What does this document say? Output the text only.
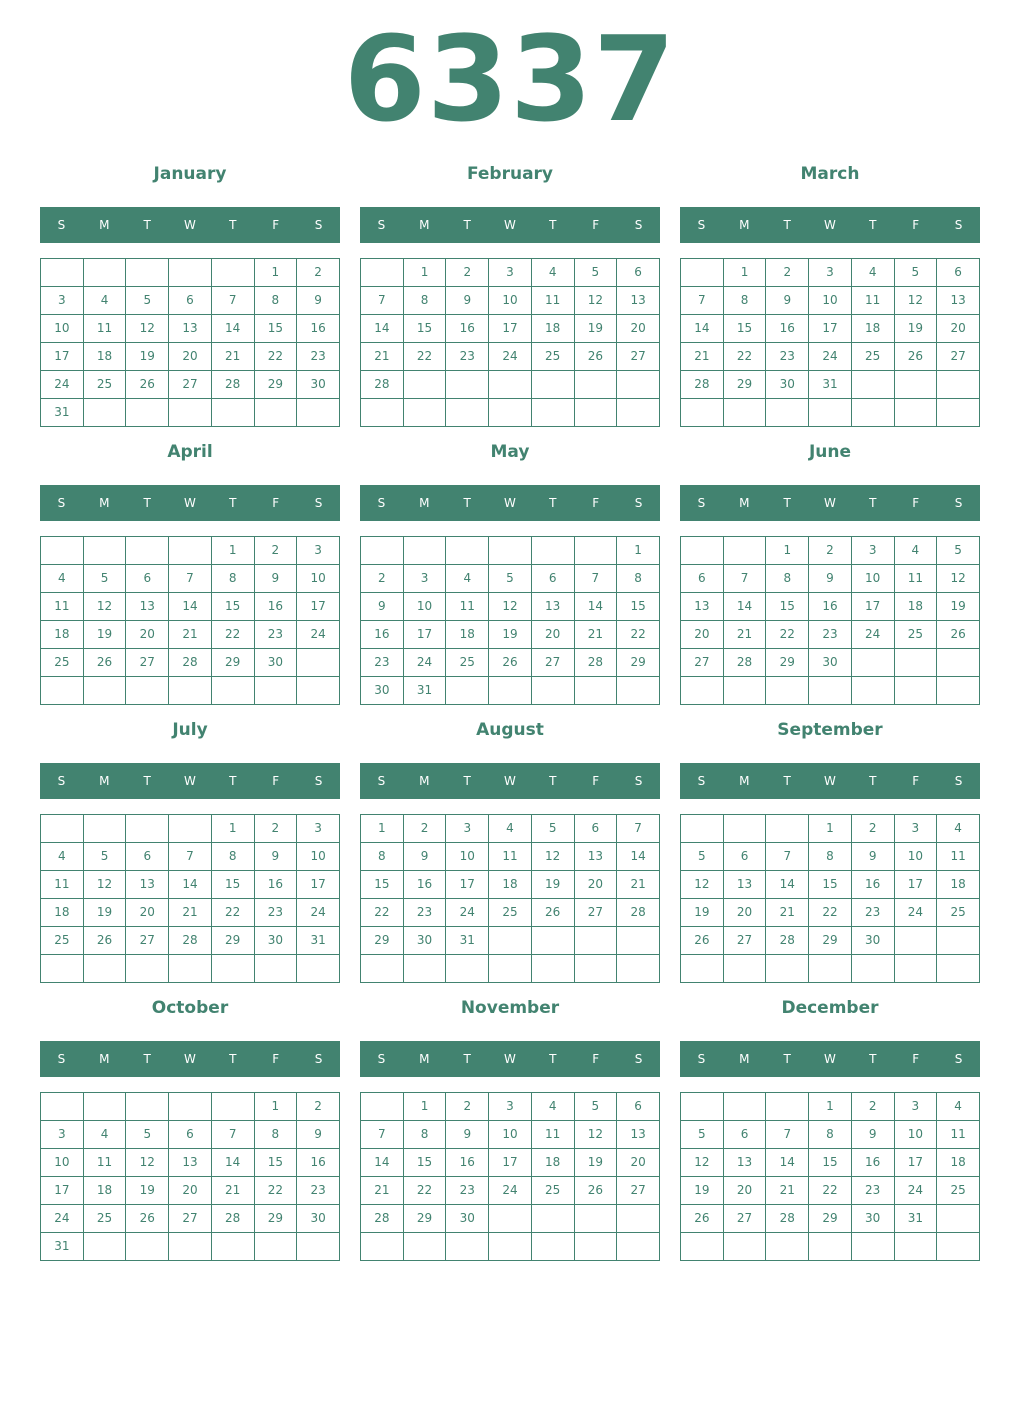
6337
January
S	M	T	W	T	F	S
					1	2
3	4	5	6	7	8	9
10	11	12	13	14	15	16
17	18	19	20	21	22	23
24	25	26	27	28	29	30
31						
February
S	M	T	W	T	F	S
	1	2	3	4	5	6
7	8	9	10	11	12	13
14	15	16	17	18	19	20
21	22	23	24	25	26	27
28						

March
S	M	T	W	T	F	S
	1	2	3	4	5	6
7	8	9	10	11	12	13
14	15	16	17	18	19	20
21	22	23	24	25	26	27
28	29	30	31			

April
S	M	T	W	T	F	S
				1	2	3
4	5	6	7	8	9	10
11	12	13	14	15	16	17
18	19	20	21	22	23	24
25	26	27	28	29	30	

May
S	M	T	W	T	F	S
						1
2	3	4	5	6	7	8
9	10	11	12	13	14	15
16	17	18	19	20	21	22
23	24	25	26	27	28	29
30	31					
June
S	M	T	W	T	F	S
		1	2	3	4	5
6	7	8	9	10	11	12
13	14	15	16	17	18	19
20	21	22	23	24	25	26
27	28	29	30			

July
S	M	T	W	T	F	S
				1	2	3
4	5	6	7	8	9	10
11	12	13	14	15	16	17
18	19	20	21	22	23	24
25	26	27	28	29	30	31

August
S	M	T	W	T	F	S
1	2	3	4	5	6	7
8	9	10	11	12	13	14
15	16	17	18	19	20	21
22	23	24	25	26	27	28
29	30	31				

September
S	M	T	W	T	F	S
			1	2	3	4
5	6	7	8	9	10	11
12	13	14	15	16	17	18
19	20	21	22	23	24	25
26	27	28	29	30		

October
S	M	T	W	T	F	S
					1	2
3	4	5	6	7	8	9
10	11	12	13	14	15	16
17	18	19	20	21	22	23
24	25	26	27	28	29	30
31						
November
S	M	T	W	T	F	S
	1	2	3	4	5	6
7	8	9	10	11	12	13
14	15	16	17	18	19	20
21	22	23	24	25	26	27
28	29	30				

December
S	M	T	W	T	F	S
			1	2	3	4
5	6	7	8	9	10	11
12	13	14	15	16	17	18
19	20	21	22	23	24	25
26	27	28	29	30	31	
